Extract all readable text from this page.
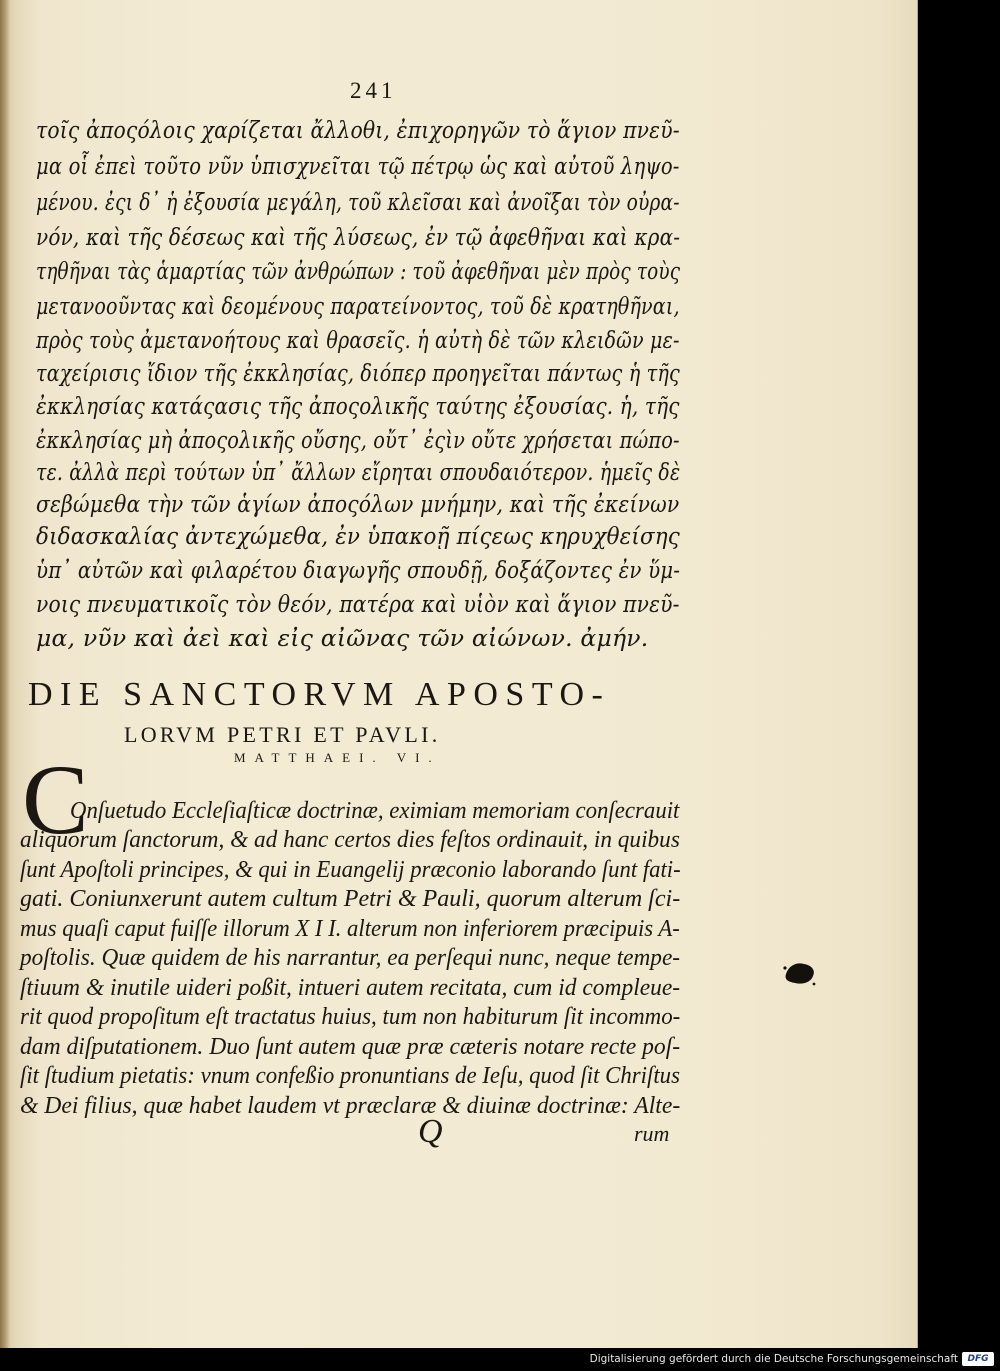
241
τοῖς ἀποςόλοις χαρίζεται ἄλλοθι, ἐπιχορηγῶν τὸ ἅγιον πνεῦ-
μα οἷ ἐπεὶ τοῦτο νῦν ὑπισχνεῖται τῷ πέτρῳ ὡς καὶ αὐτοῦ ληψο-
μένου. ἐςι δ᾽ ἡ ἐξουσία μεγάλη, τοῦ κλεῖσαι καὶ ἀνοῖξαι τὸν οὐρα-
νόν, καὶ τῆς δέσεως καὶ τῆς λύσεως, ἐν τῷ ἀφεθῆναι καὶ κρα-
τηθῆναι τὰς ἁμαρτίας τῶν ἀνθρώπων : τοῦ ἀφεθῆναι μὲν πρὸς τοὺς
μετανοοῦντας καὶ δεομένους παρατείνοντος, τοῦ δὲ κρατηθῆναι,
πρὸς τοὺς ἀμετανοήτους καὶ θρασεῖς. ἡ αὐτὴ δὲ τῶν κλειδῶν με-
ταχείρισις ἴδιον τῆς ἐκκλησίας, διόπερ προηγεῖται πάντως ἡ τῆς
ἐκκλησίας κατάςασις τῆς ἀποςολικῆς ταύτης ἐξουσίας. ἡ, τῆς
ἐκκλησίας μὴ ἀποςολικῆς οὔσης, οὔτ᾽ ἐςὶν οὔτε χρήσεται πώπο-
τε. ἀλλὰ περὶ τούτων ὑπ᾽ ἄλλων εἴρηται σπουδαιότερον. ἡμεῖς δὲ
σεβώμεθα τὴν τῶν ἁγίων ἀποςόλων μνήμην, καὶ τῆς ἐκείνων
διδασκαλίας ἀντεχώμεθα, ἐν ὑπακοῇ πίςεως κηρυχθείσης
ὑπ᾽ αὐτῶν καὶ φιλαρέτου διαγωγῆς σπουδῇ, δοξάζοντες ἐν ὕμ-
νοις πνευματικοῖς τὸν θεόν, πατέρα καὶ υἱὸν καὶ ἅγιον πνεῦ-
μα, νῦν καὶ ἀεὶ καὶ εἰς αἰῶνας τῶν αἰώνων. ἀμήν.
DIE SANCTORVM APOSTO-
LORVM PETRI ET PAVLI.
MATTHAEI. VI.
C
Onſuetudo Eccleſiaſticæ doctrinæ, eximiam memoriam conſecrauit
aliquorum ſanctorum, & ad hanc certos dies feſtos ordinauit, in quibus
ſunt Apoſtoli principes, & qui in Euangelij præconio laborando ſunt fati-
gati. Coniunxerunt autem cultum Petri & Pauli, quorum alterum ſci-
mus quaſi caput fuiſſe illorum X I I. alterum non inferiorem præcipuis A-
poſtolis. Quæ quidem de his narrantur, ea perſequi nunc, neque tempe-
ſtiuum & inutile uideri poßit, intueri autem recitata, cum id compleue-
rit quod propoſitum eſt tractatus huius, tum non habiturum ſit incommo-
dam diſputationem. Duo ſunt autem quæ præ cæteris notare recte poſ-
ſit ſtudium pietatis: vnum confeßio pronuntians de Ieſu, quod ſit Chriſtus
& Dei filius, quæ habet laudem vt præclaræ & diuinæ doctrinæ: Alte-
Q	rum
Digitalisierung gefördert durch die Deutsche Forschungsgemeinschaft	DFG
